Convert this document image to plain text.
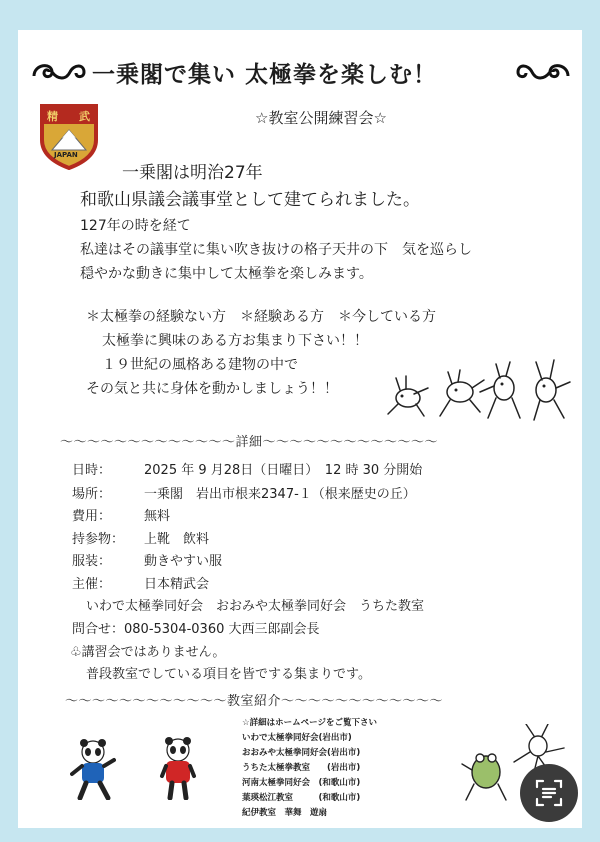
一乗閣で集い 太極拳を楽しむ！
精 武
JAPAN
☆教室公開練習会☆
一乗閣は明治27年
和歌山県議会議事堂として建てられました。
127年の時を経て
私達はその議事堂に集い吹き抜けの格子天井の下　気を巡らし
穏やかな動きに集中して太極拳を楽しみます。
＊太極拳の経験ない方　＊経験ある方　＊今している方
太極拳に興味のある方お集まり下さい！！
１９世紀の風格ある建物の中で
その気と共に身体を動かしましょう！！
〜〜〜〜〜〜〜〜〜〜〜〜〜詳細〜〜〜〜〜〜〜〜〜〜〜〜〜
日時：	2025 年 9 月28日（日曜日）　12 時 30 分開始
場所：	一乗閣　岩出市根来2347-１（根来歴史の丘）
費用：	無料
持参物： 上靴　飲料
服装：	動きやすい服
主催：	日本精武会
いわで太極拳同好会　おおみや太極拳同好会　うちた教室
問合せ：080-5304-0360 大西三郎副会長
♧講習会ではありません。
普段教室でしている項目を皆でする集まりです。
〜〜〜〜〜〜〜〜〜〜〜〜教室紹介〜〜〜〜〜〜〜〜〜〜〜〜
☆詳細はホームページをご覧下さい
いわで太極拳同好会(岩出市)
おおみや太極拳同好会(岩出市)
うちた太極拳教室　　(岩出市)
河南太極拳同好会　(和歌山市)
葉瑛松江教室　　　(和歌山市)
紀伊教室　華舞　遊扇
